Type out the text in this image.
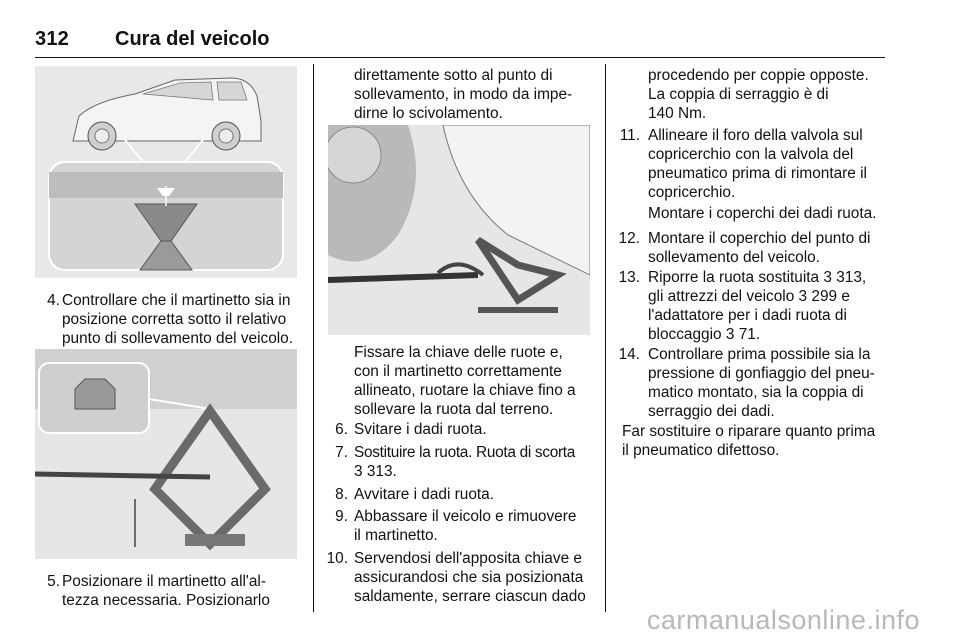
312 Cura del veicolo
4. Controllare che il martinetto sia in
posizione corretta sotto il relativo
punto di sollevamento del veicolo.
5. Posizionare il martinetto all'al-
tezza necessaria. Posizionarlo
direttamente sotto al punto di
sollevamento, in modo da impe-
dirne lo scivolamento.
Fissare la chiave delle ruote e,
con il martinetto correttamente
allineato, ruotare la chiave fino a
sollevare la ruota dal terreno.
6. Svitare i dadi ruota.
7. Sostituire la ruota. Ruota di scorta
3 313.
8. Avvitare i dadi ruota.
9. Abbassare il veicolo e rimuovere
il martinetto.
10. Servendosi dell'apposita chiave e
assicurandosi che sia posizionata
saldamente, serrare ciascun dado
procedendo per coppie opposte.
La coppia di serraggio è di
140 Nm.
11. Allineare il foro della valvola sul
copricerchio con la valvola del
pneumatico prima di rimontare il
copricerchio.
Montare i coperchi dei dadi ruota.
12. Montare il coperchio del punto di
sollevamento del veicolo.
13. Riporre la ruota sostituita 3 313,
gli attrezzi del veicolo 3 299 e
l'adattatore per i dadi ruota di
bloccaggio 3 71.
14. Controllare prima possibile sia la
pressione di gonfiaggio del pneu-
matico montato, sia la coppia di
serraggio dei dadi.
Far sostituire o riparare quanto prima
il pneumatico difettoso.
carmanualsonline.info
